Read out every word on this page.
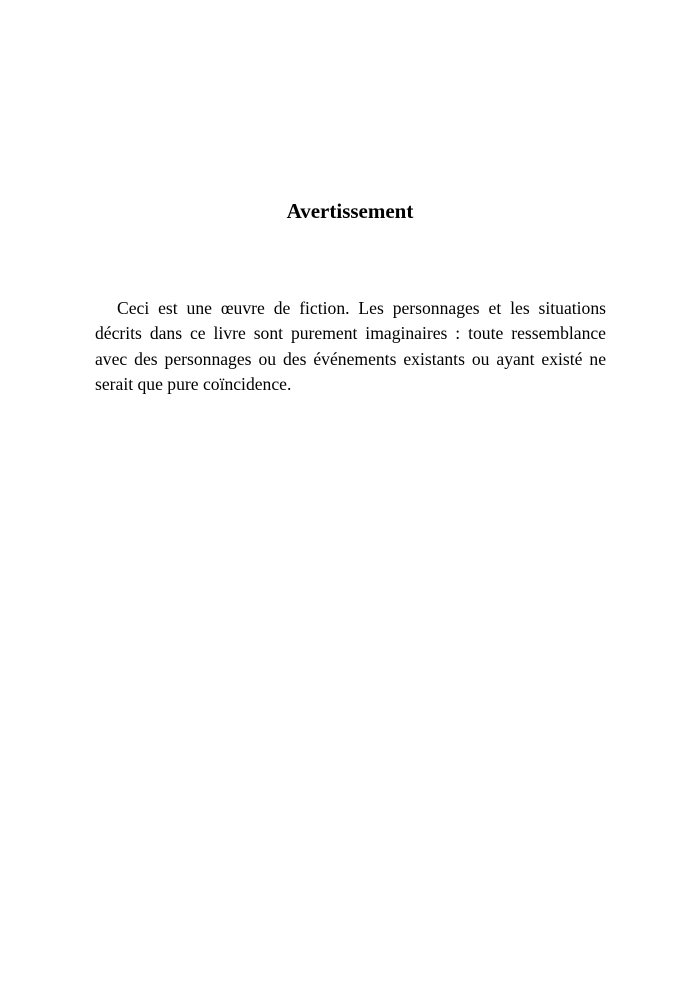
Avertissement

Ceci est une œuvre de fiction. Les personnages et les situations décrits dans ce livre sont purement imaginaires : toute ressemblance avec des personnages ou des événements existants ou ayant existé ne serait que pure coïncidence.
